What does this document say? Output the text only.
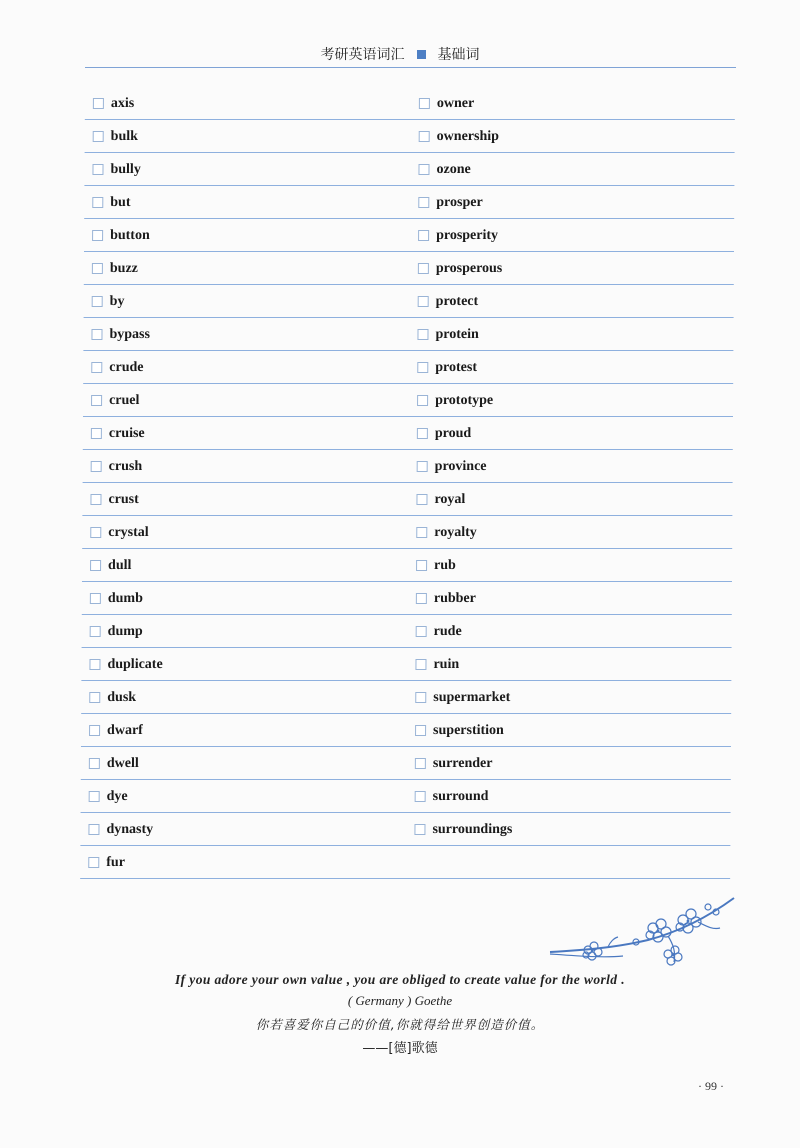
考研英语词汇 基础词
axis	owner
bulk	ownership
bully	ozone
but	prosper
button	prosperity
buzz	prosperous
by	protect
bypass	protein
crude	protest
cruel	prototype
cruise	proud
crush	province
crust	royal
crystal	royalty
dull	rub
dumb	rubber
dump	rude
duplicate	ruin
dusk	supermarket
dwarf	superstition
dwell	surrender
dye	surround
dynasty	surroundings
fur
If you adore your own value , you are obliged to create value for the world .
( Germany ) Goethe
你若喜爱你自己的价值,你就得给世界创造价值。
——[德]歌德
· 99 ·
